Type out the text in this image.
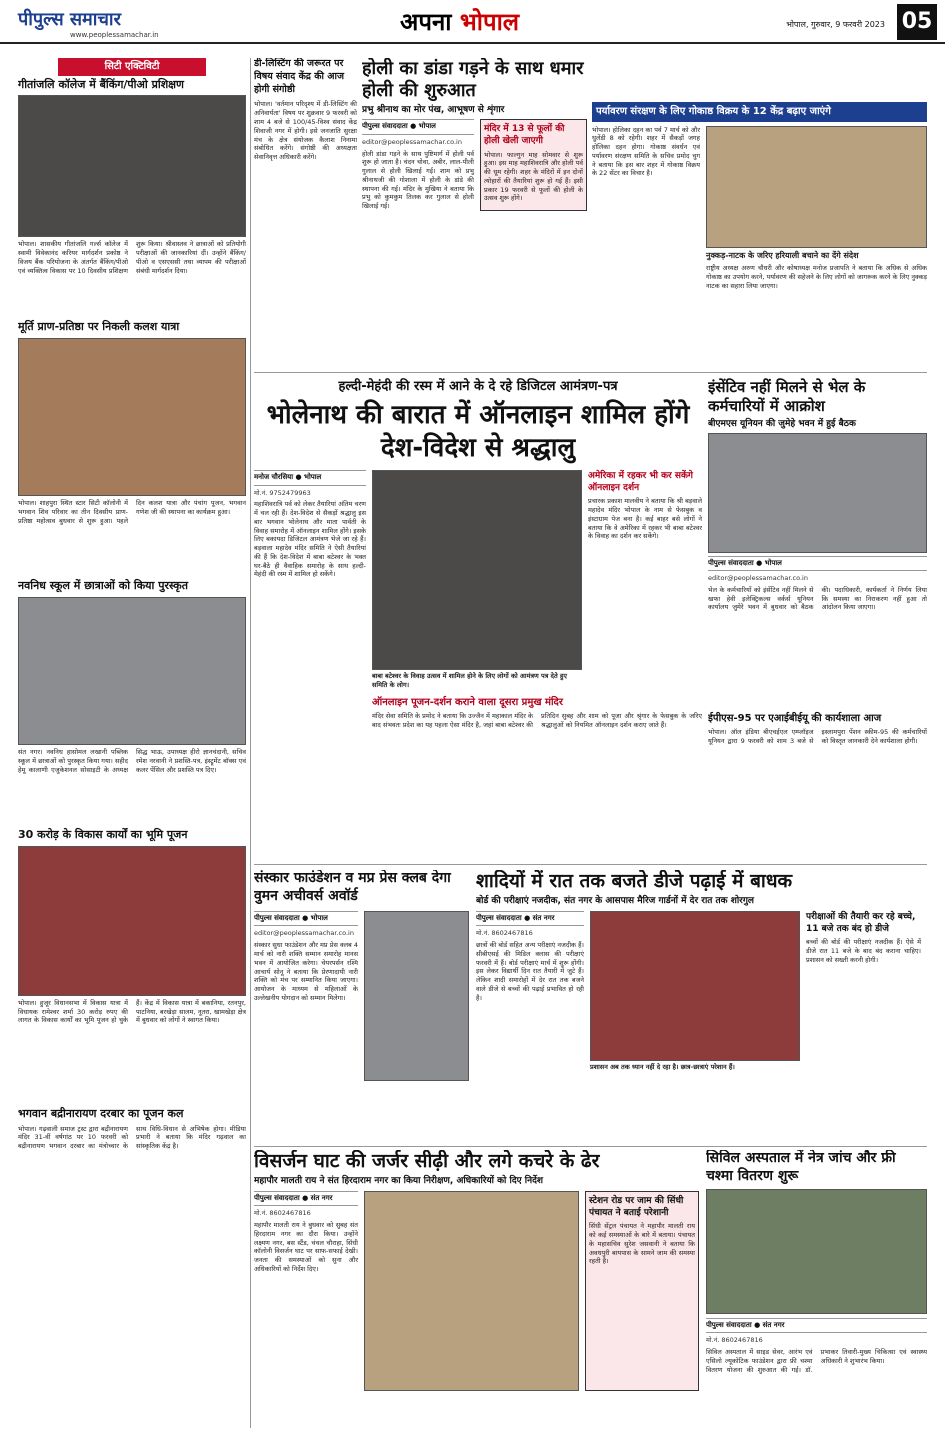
पीपुल्स समाचार
www.peoplessamachar.in	अपना भोपाल	भोपाल, गुरुवार, 9 फरवरी 2023 05
सिटी एक्टिविटी
गीतांजलि कॉलेज में बैंकिंग/पीओ प्रशिक्षण
भोपाल। शासकीय गीतांजलि गर्ल्स कॉलेज में स्वामी विवेकानंद करियर मार्गदर्शन प्रकोष्ठ ने विजय बैंक परियोजना के अंतर्गत बैंकिंग/पीओ एवं व्यक्तित्व विकास पर 10 दिवसीय प्रशिक्षण शुरू किया। श्रीवास्तव ने छात्राओं को प्रतियोगी परीक्षाओं की जानकारियां दीं। उन्होंने बैंकिंग/पीओ व एसएससी तथा व्यापम की परीक्षाओं संबंधी मार्गदर्शन दिया।
मूर्ति प्राण-प्रतिष्ठा पर निकली कलश यात्रा
भोपाल। शाहपुरा स्थित स्टार सिटी कॉलोनी में भगवान शिव परिवार का तीन दिवसीय प्राण-प्रतिष्ठा महोत्सव बुधवार से शुरू हुआ। पहले दिन कलश यात्रा और पंचांग पूजन, भगवान गणेश जी की स्थापना का कार्यक्रम हुआ।
नवनिध स्कूल में छात्राओं को किया पुरस्कृत
संत नगर। नवनिध हासोमल लखानी पब्लिक स्कूल में छात्राओं को पुरस्कृत किया गया। सहीद हेमू कालाणी एजुकेशनल सोसाइटी के अध्यक्ष सिद्ध भाऊ, उपाध्यक्ष हीरो ज्ञानचंदानी, सचिव रमेश नरवानी ने प्रशस्ति-पत्र, इंस्ट्रूमेंट बॉक्स एवं कलर पेंसिल और प्रशस्ति पत्र दिए।
30 करोड़ के विकास कार्यों का भूमि पूजन
भोपाल। हुजूर विधानसभा में विकास यात्रा में विधायक रामेश्वर शर्मा 30 करोड़ रुपए की लागत के विकास कार्यों का भूमि पूजन हो चुके हैं। केंद्र में विकास यात्रा में बकानिया, रतनपुर, पाटनिया, बरखेड़ा सालम, नूतरा, खामखेड़ा क्षेत्र में बुधवार को लोगों ने स्वागत किया।
भगवान बद्रीनारायण दरबार का पूजन कल
भोपाल। गढ़वाली समाज ट्रस्ट द्वारा बद्रीनारायण मंदिर 31-वीं वर्षगांठ पर 10 फरवरी को बद्रीनारायण भगवान दरबार का मंत्रोच्चार के साथ विधि-विधान से अभिषेक होगा। मीडिया प्रभारी ने बताया कि मंदिर गढ़वाल का सांस्कृतिक केंद्र है।
डी-लिस्टिंग की जरूरत पर विषय संवाद केंद्र की आज होगी संगोष्ठी
भोपाल। 'वर्तमान परिदृश्य में डी-लिस्टिंग की अनिवार्यता' विषय पर शुक्रवार 9 फरवरी को शाम 4 बजे से 100/45-विश्व संवाद केंद्र शिवाजी नगर में होगी। इसे जनजाति सुरक्षा मंच के क्षेत्र संयोजक कैलाश निनामा संबोधित करेंगे। संगोष्ठी की अध्यक्षता सेवानिवृत्त अधिकारी करेंगे।
होली का डांडा गड़ने के साथ धमार होली की शुरुआत
प्रभु श्रीनाथ का मोर पंख, आभूषण से शृंगार
पीपुल्स संवाददाता ● भोपाल
editor@peoplessamachar.co.in
होली डांडा गड़ने के साथ पुष्टिमार्ग में होली पर्व शुरू हो जाता है। चंदन चोवा, अबीर, लाल-पीली गुलाल से होली खिलाई गई। शाम को प्रभु श्रीनाथजी की गोशाला में होली के डांडे की स्थापना की गई। मंदिर के मुखिया ने बताया कि प्रभु को कुमकुम तिलक कर गुलाल से होली खिलाई गई।
मंदिर में 13 से फूलों की होली खेली जाएगी
भोपाल। फाल्गुन माह सोमवार से शुरू हुआ। इस माह महाशिवरात्रि और होली पर्व की धूम रहेगी। शहर के मंदिरों में इन दोनों त्योहारों की तैयारियां शुरू हो गई हैं। इसी प्रकार 19 फरवरी से फूलों की होली के उत्सव शुरू होंगे।
पर्यावरण संरक्षण के लिए गोकाष्ठ विक्रय के 12 केंद्र बढ़ाए जाएंगे
भोपाल। होलिका दहन का पर्व 7 मार्च को और धुलेंडी 8 को रहेगी। शहर में सैकड़ों जगह होलिका दहन होगा। गोकाष्ठ संवर्धन एवं पर्यावरण संरक्षण समिति के सचिव प्रमोद चुग ने बताया कि इस बार शहर में गोकाष्ठ विक्रय के 22 सेंटर का विचार है।
नुक्कड़-नाटक के जरिए हरियाली बचाने का देंगे संदेश
राष्ट्रीय अध्यक्ष अरुण चौधरी और कोषाध्यक्ष मनोज प्रजापति ने बताया कि अधिक से अधिक गोकाष्ठ का उपयोग करने, पर्यावरण की सहेजने के लिए लोगों को जागरूक करने के लिए नुक्कड़ नाटक का सहारा लिया जाएगा।
हल्दी-मेहंदी की रस्म में आने के दे रहे डिजिटल आमंत्रण-पत्र
भोलेनाथ की बारात में ऑनलाइन शामिल होंगे देश-विदेश से श्रद्धालु
मनोज चौरसिया ● भोपाल
मो.नं. 9752479963
महाशिवरात्रि पर्व को लेकर तैयारियां अंतिम चरण में चल रही हैं। देश-विदेश से सैकड़ों श्रद्धालु इस बार भगवान भोलेनाथ और माता पार्वती के विवाह समारोह में ऑनलाइन शामिल होंगे। इसके लिए बकायदा डिजिटल आमंत्रण भेजे जा रहे हैं। बड़वाला महादेव मंदिर समिति ने ऐसी तैयारियां की हैं कि देश-विदेश में बाबा बटेश्वर के भक्त घर-बैठे ही वैवाहिक समारोह के साथ हल्दी-मेहंदी की रस्म में शामिल हो सकेंगे।
बाबा बटेश्वर के विवाह उत्सव में शामिल होने के लिए लोगों को आमंत्रण पत्र देते हुए समिति के लोग।
अमेरिका में रहकर भी कर सकेंगे ऑनलाइन दर्शन
प्रचारक प्रकाश मालवीय ने बताया कि श्री बड़वाले महादेव मंदिर भोपाल के नाम से फेसबुक व इंस्टाग्राम पेज बना है। कई बाहर बसे लोगों ने बताया कि वे अमेरिका में रहकर भी बाबा बटेश्वर के विवाह का दर्शन कर सकेंगे।
ऑनलाइन पूजन-दर्शन कराने वाला दूसरा प्रमुख मंदिर
मंदिर सेवा समिति के प्रमोद ने बताया कि उज्जैन में महाकाल मंदिर के बाद संभवतः प्रदेश का यह पहला ऐसा मंदिर है, जहां बाबा बटेश्वर की प्रतिदिन सुबह और शाम को पूजा और श्रृंगार के फेसबुक के जरिए श्रद्धालुओं को नियमित ऑनलाइन दर्शन कराए जाते हैं।
इंसेंटिव नहीं मिलने से भेल के कर्मचारियों में आक्रोश
बीएमएस यूनियन की जुमेहे भवन में हुई बैठक
पीपुल्स संवाददाता ● भोपाल
editor@peoplessamachar.co.in
भेल के कर्मचारियों को इंसेंटिव नहीं मिलने से खफा हेवी इलेक्ट्रिकल्स वर्कर्स यूनियन कार्यालय जुमेरे भवन में बुधवार को बैठक की। पदाधिकारी, कार्यकर्ता ने निर्णय लिया कि समस्या का निराकरण नहीं हुआ तो आंदोलन किया जाएगा।
ईपीएस-95 पर एआईबीईयू की कार्यशाला आज
भोपाल। ऑल इंडिया बीएचईएल एम्प्लॉइज यूनियन द्वारा 9 फरवरी को शाम 3 बजे से इस्लामपुरा पेंशन स्कीम-95 की कर्मचारियों को विस्तृत जानकारी देने कार्यशाला होगी।
संस्कार फाउंडेशन व मप्र प्रेस क्लब देगा वुमन अचीवर्स अवॉर्ड
पीपुल्स संवाददाता ● भोपाल
editor@peoplessamachar.co.in
संस्कार सुधा फाउंडेशन और मप्र प्रेस क्लब 4 मार्च को नारी शक्ति सम्मान समारोह मानस भवन में आयोजित करेगा। चेयरपर्सन रश्मि आचार्य सोनू ने बताया कि प्रेरणादायी नारी शक्ति को मंच पर सम्मानित किया जाएगा। आयोजन के माध्यम से महिलाओं के उल्लेखनीय योगदान को सम्मान मिलेगा।
शादियों में रात तक बजते डीजे पढ़ाई में बाधक
बोर्ड की परीक्षाएं नजदीक, संत नगर के आसपास मैरिज गार्डनों में देर रात तक शोरगुल
पीपुल्स संवाददाता ● संत नगर
मो.नं. 8602467816
छात्रों की बोर्ड सहित अन्य परीक्षाएं नजदीक हैं। सीबीएसई की मिडिल क्लास की परीक्षाएं फरवरी में हैं। बोर्ड परीक्षाएं मार्च में शुरू होंगी। इस लेकर विद्यार्थी दिन रात तैयारी में जुटे हैं। लेकिन शादी समारोहों में देर रात तक बजने वाले डीजे से बच्चों की पढ़ाई प्रभावित हो रही है।
प्रशासन अब तक ध्यान नहीं दे रहा है। छात्र-छात्राएं परेशान हैं।
परीक्षाओं की तैयारी कर रहे बच्चे, 11 बजे तक बंद हो डीजे
बच्चों की बोर्ड की परीक्षाएं नजदीक हैं। ऐसे में डीजे रात 11 बजे के बाद बंद कराना चाहिए। प्रशासन को सख्ती करनी होगी।
विसर्जन घाट की जर्जर सीढ़ी और लगे कचरे के ढेर
महापौर मालती राय ने संत हिरदाराम नगर का किया निरीक्षण, अधिकारियों को दिए निर्देश
पीपुल्स संवाददाता ● संत नगर
मो.नं. 8602467816
महापौर मालती राय ने बुधवार को सुबह संत हिरदाराम नगर का दौरा किया। उन्होंने लक्ष्मण नगर, बस स्टैंड, चंचल चौराहा, सिंधी कॉलोनी विसर्जन घाट पर साफ-सफाई देखी। जनता की समस्याओं को सुना और अधिकारियों को निर्देश दिए।
स्टेशन रोड पर जाम की सिंधी पंचायत ने बताई परेशानी
सिंधी सेंट्रल पंचायत ने महापौर मालती राय को कई समस्याओं के बारे में बताया। पंचायत के महासचिव सुरेश जसवानी ने बताया कि अवधपुरी बायपास के सामने जाम की समस्या रहती है।
सिविल अस्पताल में नेत्र जांच और फ्री चश्मा वितरण शुरू
पीपुल्स संवाददाता ● संत नगर
मो.नं. 8602467816
सिविल अस्पताल में साइड सेवर, आरंभ एवं एसिलो ल्यूकोटिक फाउंडेशन द्वारा फ्री चश्मा वितरण योजना की शुरुआत की गई। डॉ. प्रभाकर तिवारी-मुख्य चिकित्सा एवं स्वास्थ्य अधिकारी ने शुभारंभ किया।
